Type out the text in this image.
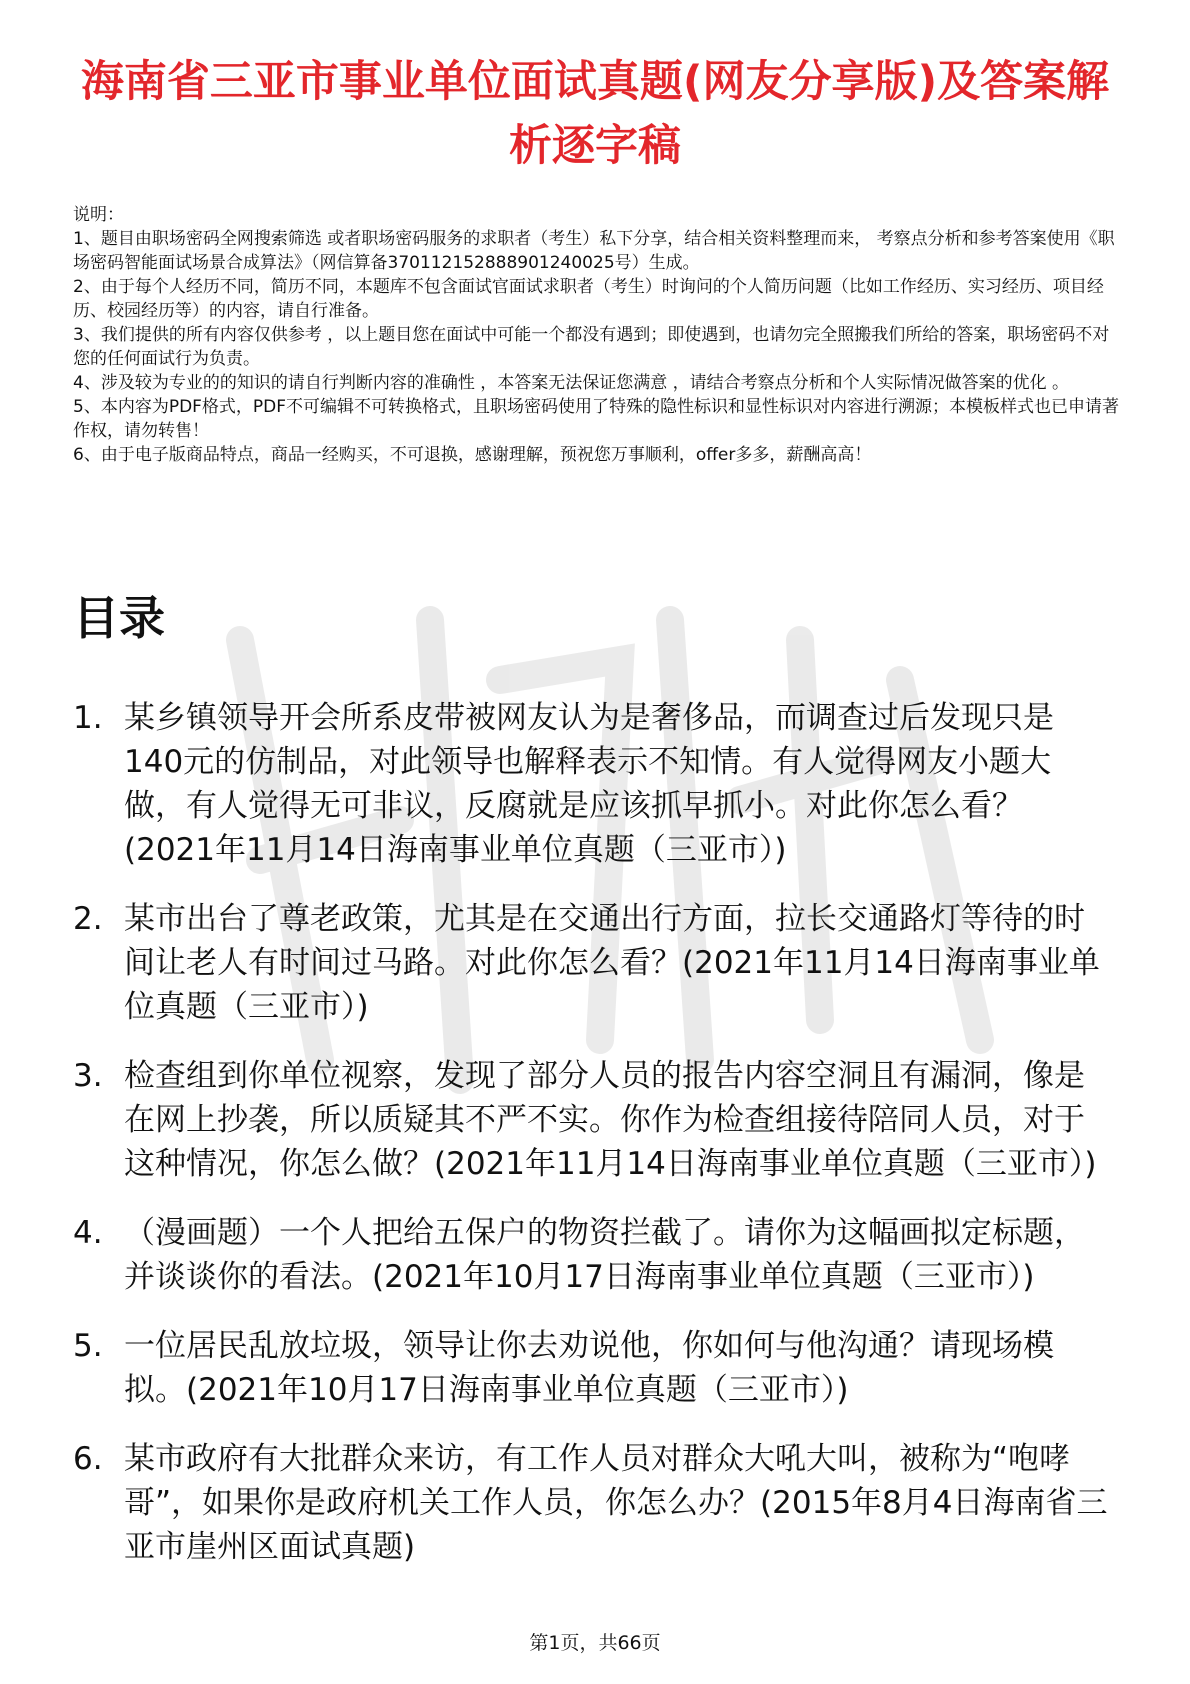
海南省三亚市事业单位面试真题(网友分享版)及答案解析逐字稿

说明：

1、题目由职场密码全网搜索筛选 或者职场密码服务的求职者（考生）私下分享，结合相关资料整理而来， 考察点分析和参考答案使用《职场密码智能面试场景合成算法》（网信算备370112152888901240025号）生成。

2、由于每个人经历不同，简历不同，本题库不包含面试官面试求职者（考生）时询问的个人简历问题（比如工作经历、实习经历、项目经历、校园经历等）的内容，请自行准备。

3、我们提供的所有内容仅供参考 ，以上题目您在面试中可能一个都没有遇到；即使遇到，也请勿完全照搬我们所给的答案，职场密码不对您的任何面试行为负责。

4、涉及较为专业的的知识的请自行判断内容的准确性 ，本答案无法保证您满意 ，请结合考察点分析和个人实际情况做答案的优化 。

5、本内容为PDF格式，PDF不可编辑不可转换格式，且职场密码使用了特殊的隐性标识和显性标识对内容进行溯源；本模板样式也已申请著作权，请勿转售！

6、由于电子版商品特点，商品一经购买，不可退换，感谢理解，预祝您万事顺利，offer多多，薪酬高高！

目录
1. 某乡镇领导开会所系皮带被网友认为是奢侈品，而调查过后发现只是140元的仿制品，对此领导也解释表示不知情。有人觉得网友小题大做，有人觉得无可非议，反腐就是应该抓早抓小。对此你怎么看？(2021年11月14日海南事业单位真题（三亚市）)
2. 某市出台了尊老政策，尤其是在交通出行方面，拉长交通路灯等待的时间让老人有时间过马路。对此你怎么看？(2021年11月14日海南事业单位真题（三亚市）)
3. 检查组到你单位视察，发现了部分人员的报告内容空洞且有漏洞，像是在网上抄袭，所以质疑其不严不实。你作为检查组接待陪同人员，对于这种情况，你怎么做？(2021年11月14日海南事业单位真题（三亚市）)
4. （漫画题）一个人把给五保户的物资拦截了。请你为这幅画拟定标题，并谈谈你的看法。(2021年10月17日海南事业单位真题（三亚市）)
5. 一位居民乱放垃圾，领导让你去劝说他，你如何与他沟通？请现场模拟。(2021年10月17日海南事业单位真题（三亚市）)
6. 某市政府有大批群众来访，有工作人员对群众大吼大叫，被称为“咆哮哥”，如果你是政府机关工作人员，你怎么办？(2015年8月4日海南省三亚市崖州区面试真题)
第1页，共66页
